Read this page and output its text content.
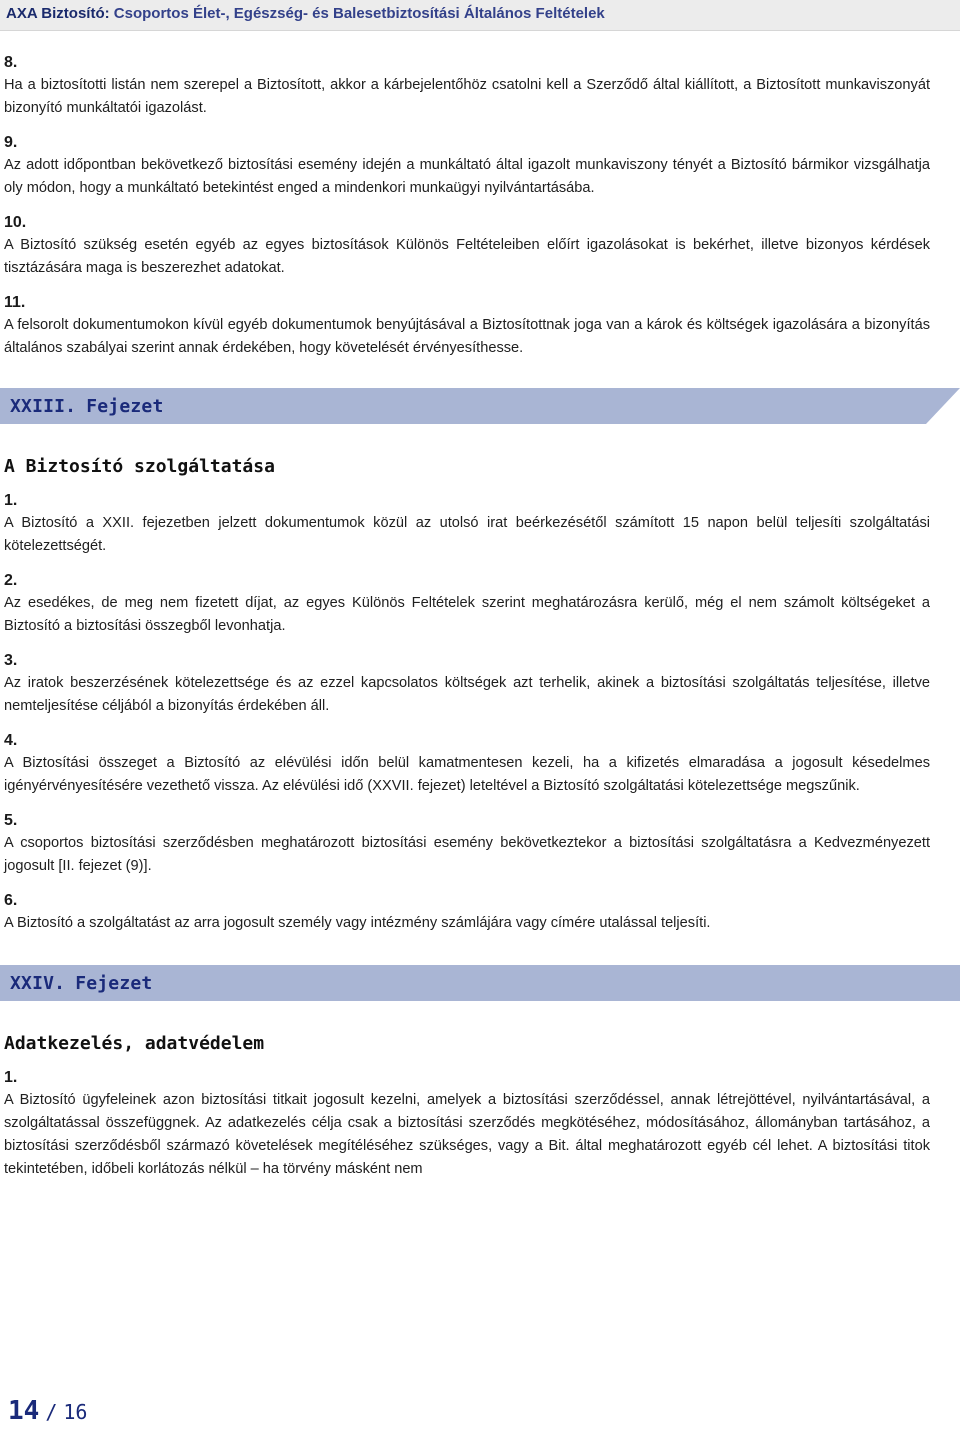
AXA Biztosító: Csoportos Élet-, Egészség- és Balesetbiztosítási Általános Feltételek

8.

Ha a biztosítotti listán nem szerepel a Biztosított, akkor a kárbejelentőhöz csatolni kell a Szerződő által kiállított, a Biztosított munkaviszonyát bizonyító munkáltatói igazolást.

9.

Az adott időpontban bekövetkező biztosítási esemény idején a munkáltató által igazolt munkaviszony tényét a Biztosító bármikor vizsgálhatja oly módon, hogy a munkáltató betekintést enged a mindenkori munkaügyi nyilvántartásába.

10.

A Biztosító szükség esetén egyéb az egyes biztosítások Különös Feltételeiben előírt igazolásokat is bekérhet, illetve bizonyos kérdések tisztázására maga is beszerezhet adatokat.

11.

A felsorolt dokumentumokon kívül egyéb dokumentumok benyújtásával a Biztosítottnak joga van a károk és költségek igazolására a bizonyítás általános szabályai szerint annak érdekében, hogy követelését érvényesíthesse.

XXIII. Fejezet

A Biztosító szolgáltatása

1.

A Biztosító a XXII. fejezetben jelzett dokumentumok közül az utolsó irat beérkezésétől számított 15 napon belül teljesíti szolgáltatási kötelezettségét.

2.

Az esedékes, de meg nem fizetett díjat, az egyes Különös Feltételek szerint meghatározásra kerülő, még el nem számolt költségeket a Biztosító a biztosítási összegből levonhatja.

3.

Az iratok beszerzésének kötelezettsége és az ezzel kapcsolatos költségek azt terhelik, akinek a biztosítási szolgáltatás teljesítése, illetve nemteljesítése céljából a bizonyítás érdekében áll.

4.

A Biztosítási összeget a Biztosító az elévülési időn belül kamatmentesen kezeli, ha a kifizetés elmaradása a jogosult késedelmes igényérvényesítésére vezethető vissza. Az elévülési idő (XXVII. fejezet) leteltével a Biztosító szolgáltatási kötelezettsége megszűnik.

5.

A csoportos biztosítási szerződésben meghatározott biztosítási esemény bekövetkeztekor a biztosítási szolgáltatásra a Kedvezményezett jogosult [II. fejezet (9)].

6.

A Biztosító a szolgáltatást az arra jogosult személy vagy intézmény számlájára vagy címére utalással teljesíti.

XXIV. Fejezet

Adatkezelés, adatvédelem

1.

A Biztosító ügyfeleinek azon biztosítási titkait jogosult kezelni, amelyek a biztosítási szerződéssel, annak létrejöttével, nyilvántartásával, a szolgáltatással összefüggnek. Az adatkezelés célja csak a biztosítási szerződés megkötéséhez, módosításához, állományban tartásához, a biztosítási szerződésből származó követelések megítéléséhez szükséges, vagy a Bit. által meghatározott egyéb cél lehet. A biztosítási titok tekintetében, időbeli korlátozás nélkül – ha törvény másként nem

14 / 16
